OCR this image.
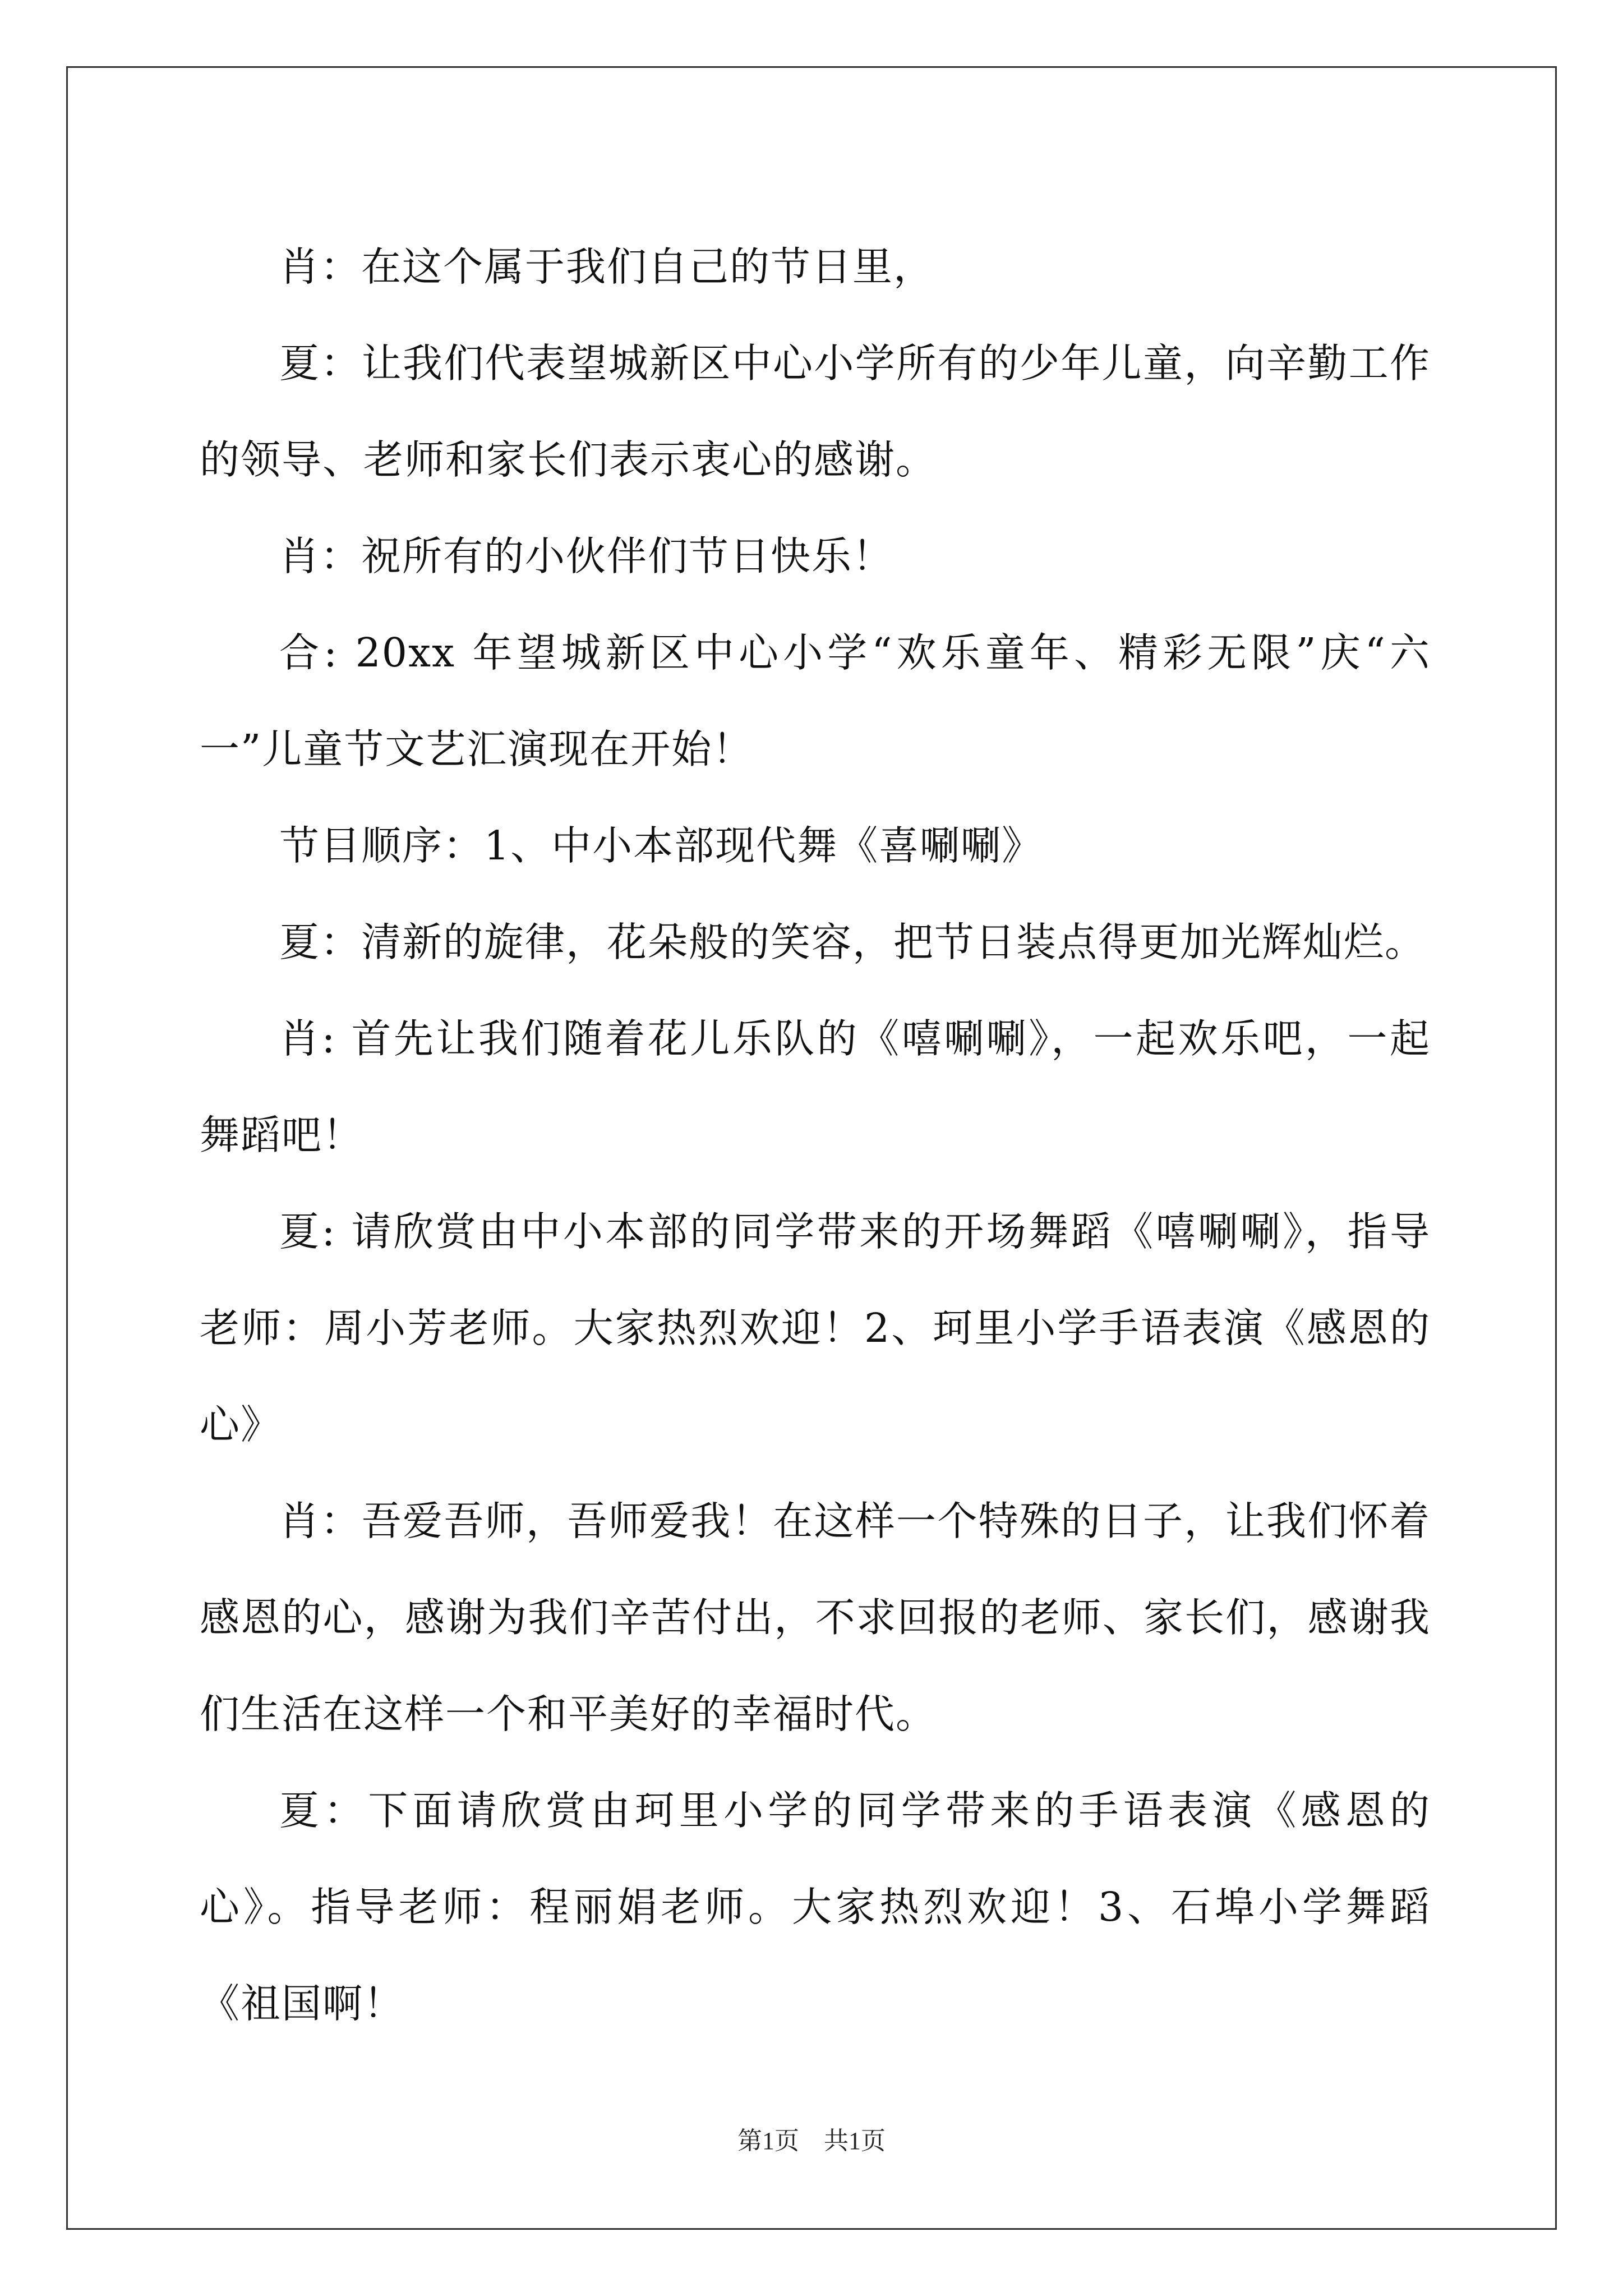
肖：在这个属于我们自己的节日里，

夏：让我们代表望城新区中心小学所有的少年儿童，向辛勤工作的领导、老师和家长们表示衷心的感谢。

肖：祝所有的小伙伴们节日快乐！

合: 20xx 年望城新区中心小学“欢乐童年、精彩无限”庆“六一”儿童节文艺汇演现在开始！

节目顺序：1、中小本部现代舞《喜唰唰》

夏：清新的旋律，花朵般的笑容，把节日装点得更加光辉灿烂。

肖: 首先让我们随着花儿乐队的《嘻唰唰》，一起欢乐吧，一起舞蹈吧！

夏: 请欣赏由中小本部的同学带来的开场舞蹈《嘻唰唰》，指导老师：周小芳老师。大家热烈欢迎！2、珂里小学手语表演《感恩的心》

肖：吾爱吾师，吾师爱我！在这样一个特殊的日子，让我们怀着感恩的心，感谢为我们辛苦付出，不求回报的老师、家长们，感谢我们生活在这样一个和平美好的幸福时代。

夏：下面请欣赏由珂里小学的同学带来的手语表演《感恩的心》。指导老师：程丽娟老师。大家热烈欢迎！3、石埠小学舞蹈《祖国啊！

第1页 共1页
